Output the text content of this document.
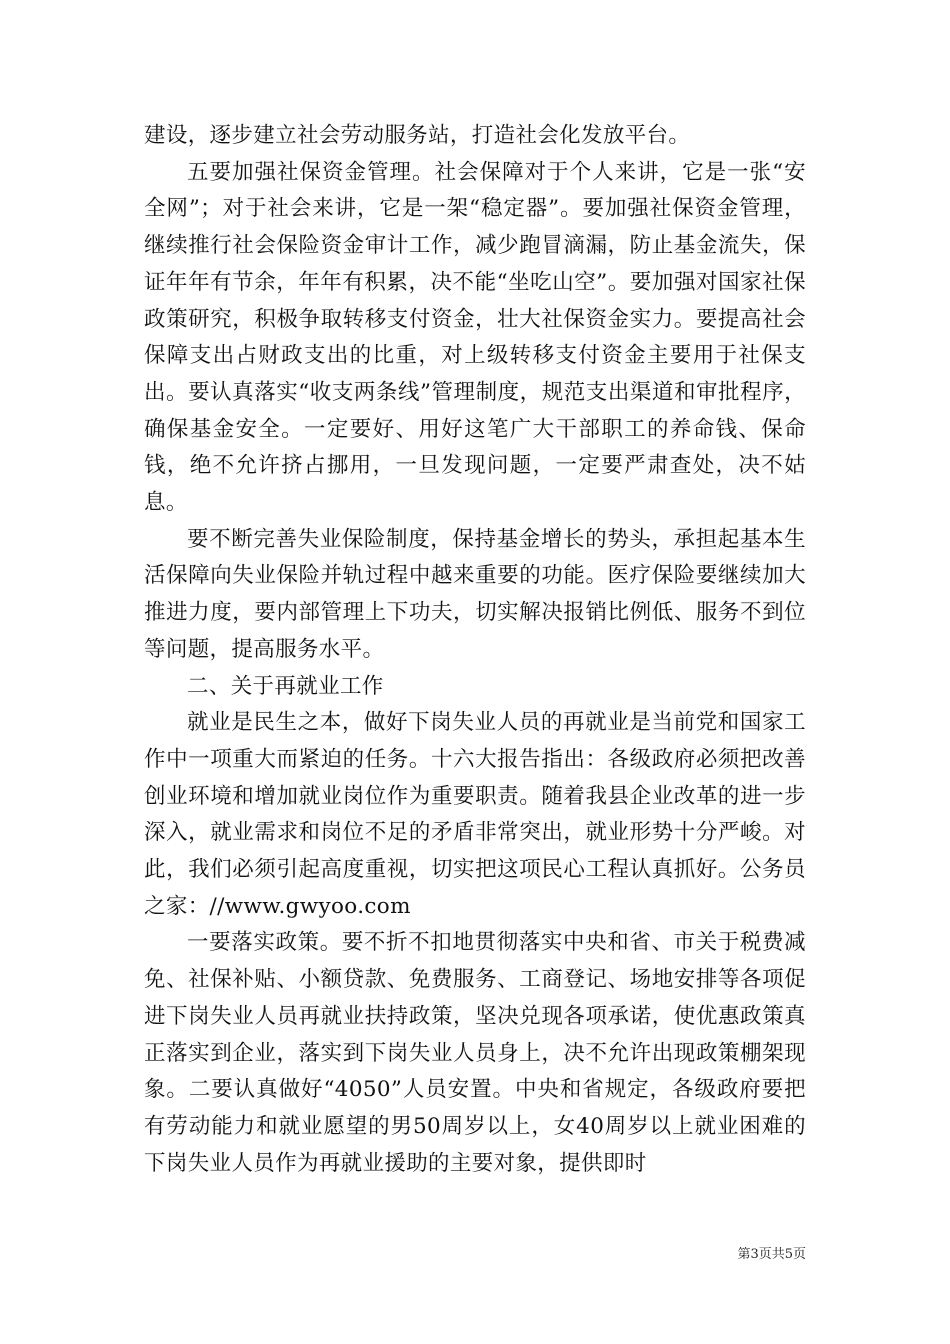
建设，逐步建立社会劳动服务站，打造社会化发放平台。

五要加强社保资金管理。社会保障对于个人来讲，它是一张“安全网”；对于社会来讲，它是一架“稳定器”。要加强社保资金管理，继续推行社会保险资金审计工作，减少跑冒滴漏，防止基金流失，保证年年有节余，年年有积累，决不能“坐吃山空”。要加强对国家社保政策研究，积极争取转移支付资金，壮大社保资金实力。要提高社会保障支出占财政支出的比重，对上级转移支付资金主要用于社保支出。要认真落实“收支两条线”管理制度，规范支出渠道和审批程序，确保基金安全。一定要好、用好这笔广大干部职工的养命钱、保命钱，绝不允许挤占挪用，一旦发现问题，一定要严肃查处，决不姑息。

要不断完善失业保险制度，保持基金增长的势头，承担起基本生活保障向失业保险并轨过程中越来重要的功能。医疗保险要继续加大推进力度，要内部管理上下功夫，切实解决报销比例低、服务不到位等问题，提高服务水平。

二、关于再就业工作

就业是民生之本，做好下岗失业人员的再就业是当前党和国家工作中一项重大而紧迫的任务。十六大报告指出：各级政府必须把改善创业环境和增加就业岗位作为重要职责。随着我县企业改革的进一步深入，就业需求和岗位不足的矛盾非常突出，就业形势十分严峻。对此，我们必须引起高度重视，切实把这项民心工程认真抓好。公务员之家：//www.gwyoo.com

一要落实政策。要不折不扣地贯彻落实中央和省、市关于税费减免、社保补贴、小额贷款、免费服务、工商登记、场地安排等各项促进下岗失业人员再就业扶持政策，坚决兑现各项承诺，使优惠政策真正落实到企业，落实到下岗失业人员身上，决不允许出现政策棚架现象。二要认真做好“4050”人员安置。中央和省规定，各级政府要把有劳动能力和就业愿望的男50周岁以上，女40周岁以上就业困难的下岗失业人员作为再就业援助的主要对象，提供即时

第3页共5页
